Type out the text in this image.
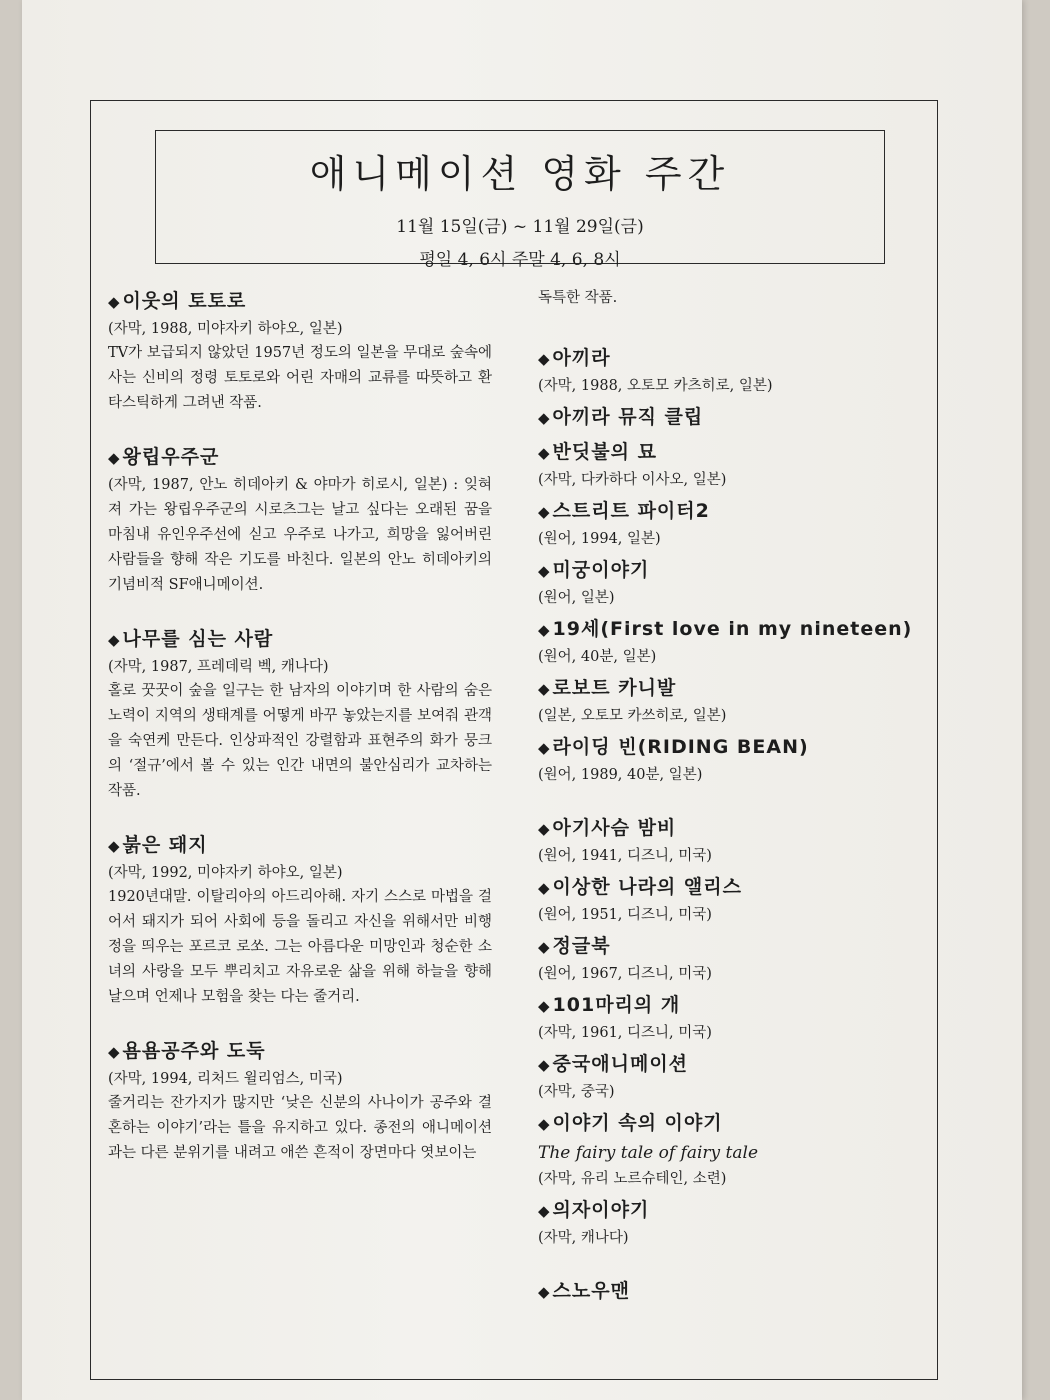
애니메이션 영화 주간
11월 15일(금) ~ 11월 29일(금)
평일 4, 6시 주말 4, 6, 8시
◆ 이웃의 토토로
(자막, 1988, 미야자키 하야오, 일본)
TV가 보급되지 않았던 1957년 정도의 일본을 무대로 숲속에 사는 신비의 정령 토토로와 어린 자매의 교류를 따뜻하고 환타스틱하게 그려낸 작품.
◆ 왕립우주군
(자막, 1987, 안노 히데아키 & 야마가 히로시, 일본) : 잊혀져 가는 왕립우주군의 시로츠그는 날고 싶다는 오래된 꿈을 마침내 유인우주선에 싣고 우주로 나가고, 희망을 잃어버린 사람들을 향해 작은 기도를 바친다. 일본의 안노 히데아키의 기념비적 SF애니메이션.
◆ 나무를 심는 사람
(자막, 1987, 프레데릭 벡, 캐나다)
홀로 꿋꿋이 숲을 일구는 한 남자의 이야기며 한 사람의 숨은 노력이 지역의 생태계를 어떻게 바꾸 놓았는지를 보여줘 관객을 숙연케 만든다. 인상파적인 강렬함과 표현주의 화가 뭉크의 ‘절규’에서 볼 수 있는 인간 내면의 불안심리가 교차하는 작품.
◆ 붉은 돼지
(자막, 1992, 미야자키 하야오, 일본)
1920년대말. 이탈리아의 아드리아해. 자기 스스로 마법을 걸어서 돼지가 되어 사회에 등을 돌리고 자신을 위해서만 비행정을 띄우는 포르코 로쏘. 그는 아름다운 미망인과 청순한 소녀의 사랑을 모두 뿌리치고 자유로운 삶을 위해 하늘을 향해 날으며 언제나 모험을 찾는 다는 줄거리.
◆ 욤욤공주와 도둑
(자막, 1994, 리처드 윌리엄스, 미국)
줄거리는 잔가지가 많지만 ‘낮은 신분의 사나이가 공주와 결혼하는 이야기’라는 틀을 유지하고 있다. 종전의 애니메이션과는 다른 분위기를 내려고 애쓴 흔적이 장면마다 엿보이는
독특한 작품.
◆ 아끼라
(자막, 1988, 오토모 카츠히로, 일본)
◆ 아끼라 뮤직 클립
◆ 반딧불의 묘
(자막, 다카하다 이사오, 일본)
◆ 스트리트 파이터2
(원어, 1994, 일본)
◆ 미궁이야기
(원어, 일본)
◆ 19세(First love in my nineteen)
(원어, 40분, 일본)
◆ 로보트 카니발
(일본, 오토모 카쓰히로, 일본)
◆ 라이딩 빈(RIDING BEAN)
(원어, 1989, 40분, 일본)
◆ 아기사슴 밤비
(원어, 1941, 디즈니, 미국)
◆ 이상한 나라의 앨리스
(원어, 1951, 디즈니, 미국)
◆ 정글북
(원어, 1967, 디즈니, 미국)
◆ 101마리의 개
(자막, 1961, 디즈니, 미국)
◆ 중국애니메이션
(자막, 중국)
◆ 이야기 속의 이야기
The fairy tale of fairy tale
(자막, 유리 노르슈테인, 소련)
◆ 의자이야기
(자막, 캐나다)
◆ 스노우맨
